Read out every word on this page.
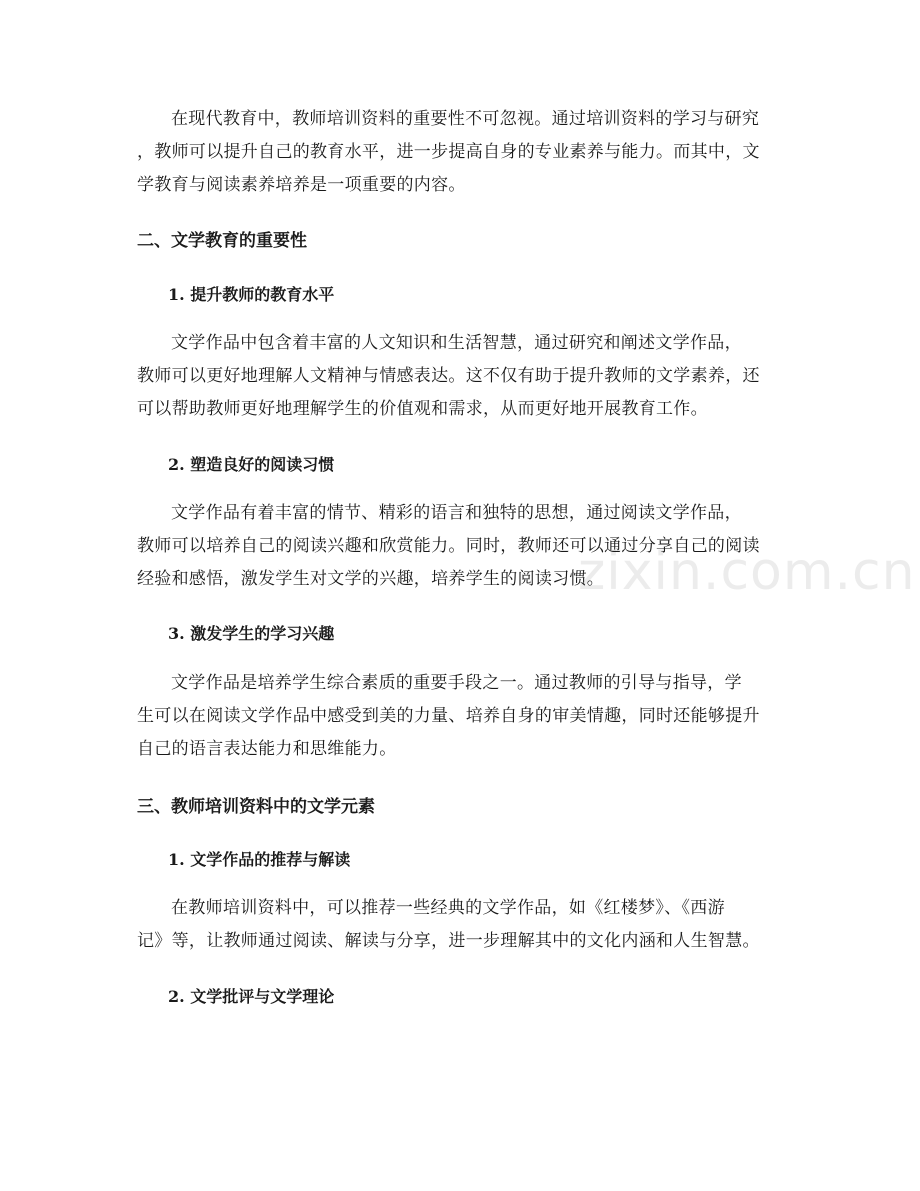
zixin.com.cn
在现代教育中，教师培训资料的重要性不可忽视。通过培训资料的学习与研究
，教师可以提升自己的教育水平，进一步提高自身的专业素养与能力。而其中，文
学教育与阅读素养培养是一项重要的内容。
二、文学教育的重要性
1. 提升教师的教育水平
文学作品中包含着丰富的人文知识和生活智慧，通过研究和阐述文学作品，
教师可以更好地理解人文精神与情感表达。这不仅有助于提升教师的文学素养，还
可以帮助教师更好地理解学生的价值观和需求，从而更好地开展教育工作。
2. 塑造良好的阅读习惯
文学作品有着丰富的情节、精彩的语言和独特的思想，通过阅读文学作品，
教师可以培养自己的阅读兴趣和欣赏能力。同时，教师还可以通过分享自己的阅读
经验和感悟，激发学生对文学的兴趣，培养学生的阅读习惯。
3. 激发学生的学习兴趣
文学作品是培养学生综合素质的重要手段之一。通过教师的引导与指导，学
生可以在阅读文学作品中感受到美的力量、培养自身的审美情趣，同时还能够提升
自己的语言表达能力和思维能力。
三、教师培训资料中的文学元素
1. 文学作品的推荐与解读
在教师培训资料中，可以推荐一些经典的文学作品，如《红楼梦》、《西游
记》等，让教师通过阅读、解读与分享，进一步理解其中的文化内涵和人生智慧。
2. 文学批评与文学理论
